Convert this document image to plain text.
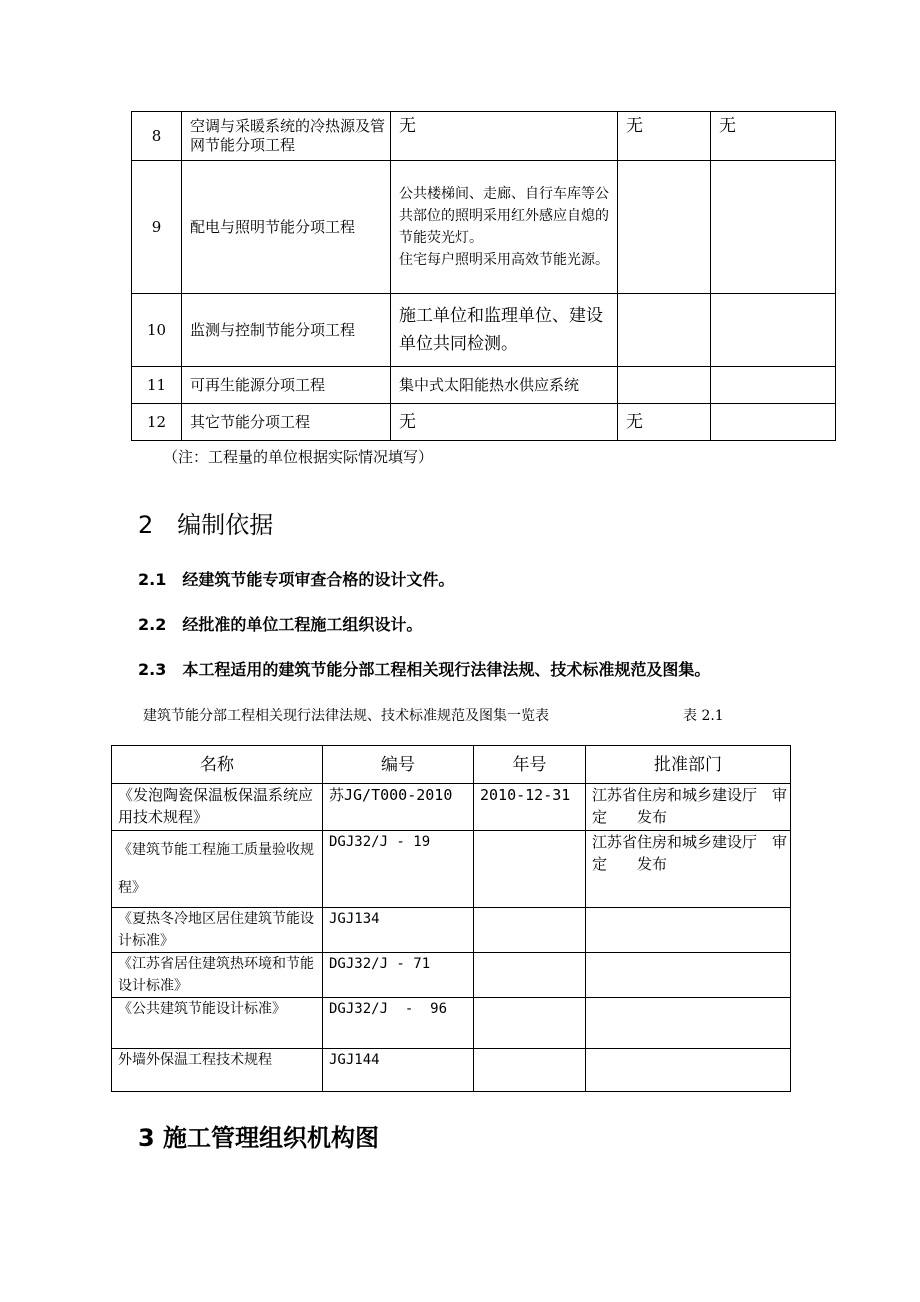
8	空调与采暖系统的冷热源及管网节能分项工程	无	无	无
9	配电与照明节能分项工程	公共楼梯间、走廊、自行车库等公共部位的照明采用红外感应自熄的节能荧光灯。
住宅每户照明采用高效节能光源。		
10	监测与控制节能分项工程	施工单位和监理单位、建设单位共同检测。		
11	可再生能源分项工程	集中式太阳能热水供应系统		
12	其它节能分项工程	无	无	
（注：工程量的单位根据实际情况填写）
2　编制依据
2.1　经建筑节能专项审查合格的设计文件。
2.2　经批准的单位工程施工组织设计。
2.3　本工程适用的建筑节能分部工程相关现行法律法规、技术标准规范及图集。
建筑节能分部工程相关现行法律法规、技术标准规范及图集一览表	表 2.1
名称	编号	年号	批准部门
《发泡陶瓷保温板保温系统应用技术规程》	苏JG/T000-2010	2010-12-31	江苏省住房和城乡建设厅　审定　　发布
《建筑节能工程施工质量验收规程》	DGJ32/J - 19		江苏省住房和城乡建设厅　审定　　发布
《夏热冬冷地区居住建筑节能设计标准》	JGJ134		
《江苏省居住建筑热环境和节能设计标准》	DGJ32/J - 71		
《公共建筑节能设计标准》	DGJ32/J  -  96		
外墙外保温工程技术规程	JGJ144		
3 施工管理组织机构图
